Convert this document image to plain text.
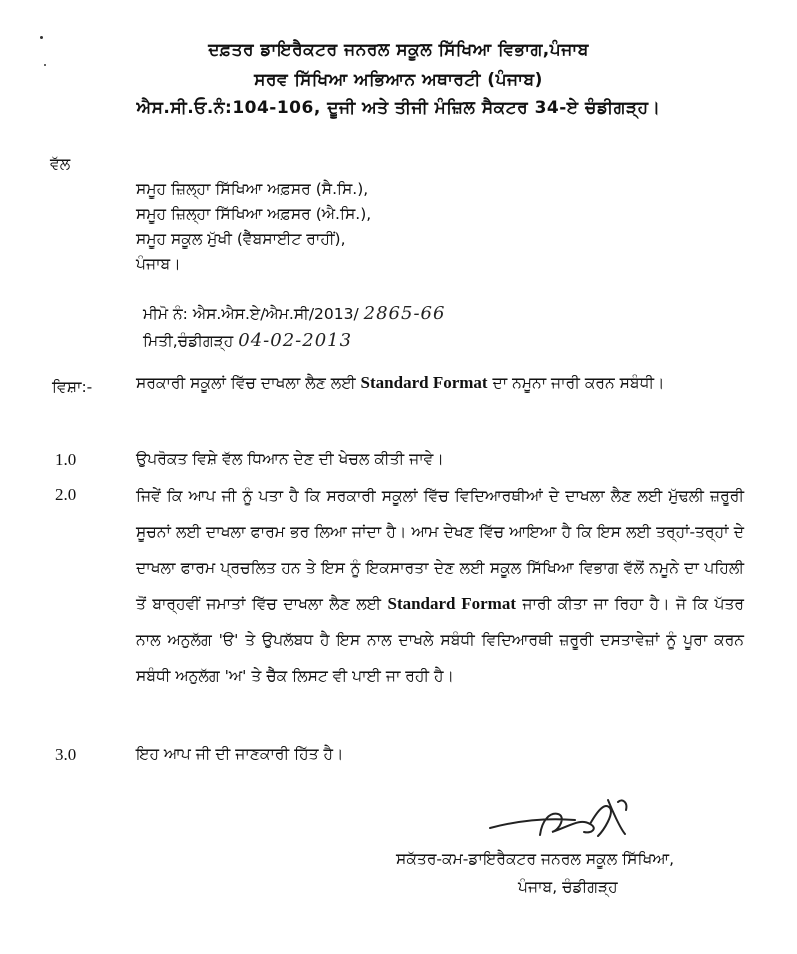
ਦਫ਼ਤਰ ਡਾਇਰੈਕਟਰ ਜਨਰਲ ਸਕੂਲ ਸਿੱਖਿਆ ਵਿਭਾਗ,ਪੰਜਾਬ
ਸਰਵ ਸਿੱਖਿਆ ਅਭਿਆਨ ਅਥਾਰਟੀ (ਪੰਜਾਬ)
ਐਸ.ਸੀ.ਓ.ਨੰ:104-106, ਦੂਜੀ ਅਤੇ ਤੀਜੀ ਮੰਜ਼ਿਲ ਸੈਕਟਰ 34-ਏ ਚੰਡੀਗੜ੍ਹ।
ਵੱਲ
ਸਮੂਹ ਜ਼ਿਲ੍ਹਾ ਸਿੱਖਿਆ ਅਫ਼ਸਰ (ਸੈ.ਸਿ.),
ਸਮੂਹ ਜ਼ਿਲ੍ਹਾ ਸਿੱਖਿਆ ਅਫ਼ਸਰ (ਐ.ਸਿ.),
ਸਮੂਹ ਸਕੂਲ ਮੁੱਖੀ (ਵੈੱਬਸਾਈਟ ਰਾਹੀਂ),
ਪੰਜਾਬ।
ਮੀਮੋ ਨੰ: ਐਸ.ਐਸ.ਏ/ਐਮ.ਸੀ/2013/ 2865-66
ਮਿਤੀ,ਚੰਡੀਗੜ੍ਹ 04-02-2013
ਵਿਸ਼ਾ:-	ਸਰਕਾਰੀ ਸਕੂਲਾਂ ਵਿੱਚ ਦਾਖਲਾ ਲੈਣ ਲਈ Standard Format ਦਾ ਨਮੂਨਾ ਜਾਰੀ ਕਰਨ ਸਬੰਧੀ।
1.0	ਉਪਰੋਕਤ ਵਿਸ਼ੇ ਵੱਲ ਧਿਆਨ ਦੇਣ ਦੀ ਖੇਚਲ ਕੀਤੀ ਜਾਵੇ।
2.0	ਜਿਵੇਂ ਕਿ ਆਪ ਜੀ ਨੂੰ ਪਤਾ ਹੈ ਕਿ ਸਰਕਾਰੀ ਸਕੂਲਾਂ ਵਿੱਚ ਵਿਦਿਆਰਥੀਆਂ ਦੇ ਦਾਖਲਾ ਲੈਣ ਲਈ ਮੁੱਢਲੀ ਜ਼ਰੂਰੀ ਸੂਚਨਾਂ ਲਈ ਦਾਖਲਾ ਫਾਰਮ ਭਰ ਲਿਆ ਜਾਂਦਾ ਹੈ। ਆਮ ਦੇਖਣ ਵਿੱਚ ਆਇਆ ਹੈ ਕਿ ਇਸ ਲਈ ਤਰ੍ਹਾਂ-ਤਰ੍ਹਾਂ ਦੇ ਦਾਖਲਾ ਫਾਰਮ ਪ੍ਰਚਲਿਤ ਹਨ ਤੇ ਇਸ ਨੂੰ ਇਕਸਾਰਤਾ ਦੇਣ ਲਈ ਸਕੂਲ ਸਿੱਖਿਆ ਵਿਭਾਗ ਵੱਲੋਂ ਨਮੂਨੇ ਦਾ ਪਹਿਲੀ ਤੋਂ ਬਾਰ੍ਹਵੀਂ ਜਮਾਤਾਂ ਵਿੱਚ ਦਾਖਲਾ ਲੈਣ ਲਈ Standard Format ਜਾਰੀ ਕੀਤਾ ਜਾ ਰਿਹਾ ਹੈ। ਜੋ ਕਿ ਪੱਤਰ ਨਾਲ ਅਨੁਲੱਗ 'ੳ' ਤੇ ਉਪਲੱਬਧ ਹੈ ਇਸ ਨਾਲ ਦਾਖਲੇ ਸਬੰਧੀ ਵਿਦਿਆਰਥੀ ਜ਼ਰੂਰੀ ਦਸਤਾਵੇਜ਼ਾਂ ਨੂੰ ਪੂਰਾ ਕਰਨ ਸਬੰਧੀ ਅਨੁਲੱਗ 'ਅ' ਤੇ ਚੈੱਕ ਲਿਸਟ ਵੀ ਪਾਈ ਜਾ ਰਹੀ ਹੈ।
3.0	ਇਹ ਆਪ ਜੀ ਦੀ ਜਾਣਕਾਰੀ ਹਿੱਤ ਹੈ।
ਸਕੱਤਰ-ਕਮ-ਡਾਇਰੈਕਟਰ ਜਨਰਲ ਸਕੂਲ ਸਿੱਖਿਆ,
ਪੰਜਾਬ, ਚੰਡੀਗੜ੍ਹ
